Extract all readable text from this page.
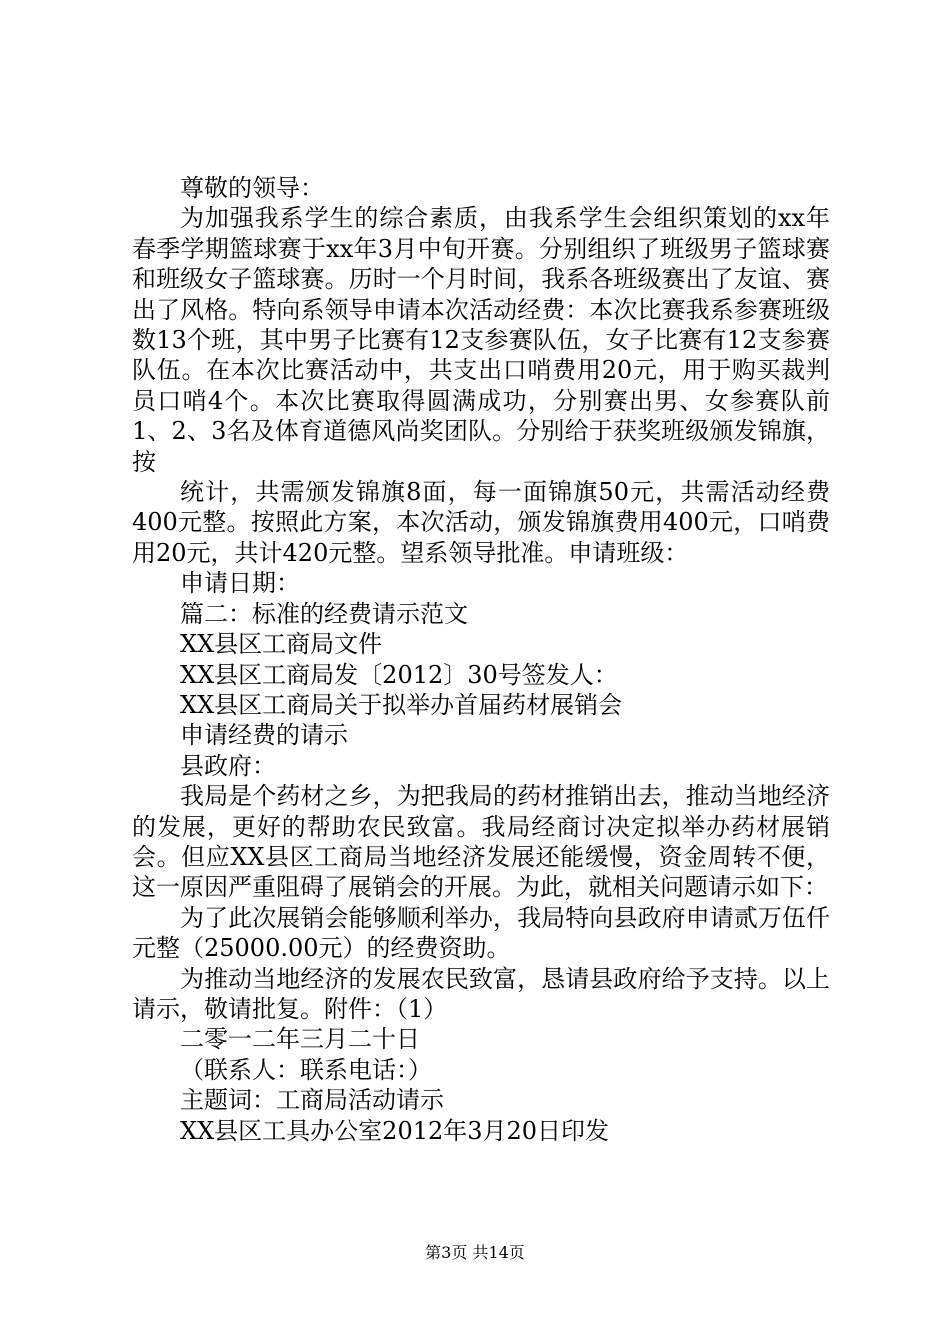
尊敬的领导：

为加强我系学生的综合素质，由我系学生会组织策划的xx年春季学期篮球赛于xx年3月中旬开赛。分别组织了班级男子篮球赛和班级女子篮球赛。历时一个月时间，我系各班级赛出了友谊、赛出了风格。特向系领导申请本次活动经费：本次比赛我系参赛班级数13个班，其中男子比赛有12支参赛队伍，女子比赛有12支参赛队伍。在本次比赛活动中，共支出口哨费用20元，用于购买裁判员口哨4个。本次比赛取得圆满成功，分别赛出男、女参赛队前1、2、3名及体育道德风尚奖团队。分别给于获奖班级颁发锦旗，按

统计，共需颁发锦旗8面，每一面锦旗50元，共需活动经费400元整。按照此方案，本次活动，颁发锦旗费用400元，口哨费用20元，共计420元整。望系领导批准。申请班级：

申请日期：

篇二：标准的经费请示范文

XX县区工商局文件

XX县区工商局发〔2012〕30号签发人：

XX县区工商局关于拟举办首届药材展销会

申请经费的请示

县政府：

我局是个药材之乡，为把我局的药材推销出去，推动当地经济的发展，更好的帮助农民致富。我局经商讨决定拟举办药材展销会。但应XX县区工商局当地经济发展还能缓慢，资金周转不便，这一原因严重阻碍了展销会的开展。为此，就相关问题请示如下：

为了此次展销会能够顺利举办，我局特向县政府申请贰万伍仟元整（25000.00元）的经费资助。

为推动当地经济的发展农民致富，恳请县政府给予支持。以上请示，敬请批复。附件：（1）

二零一二年三月二十日

（联系人：联系电话：）

主题词：工商局活动请示

XX县区工具办公室2012年3月20日印发

第3页 共14页
